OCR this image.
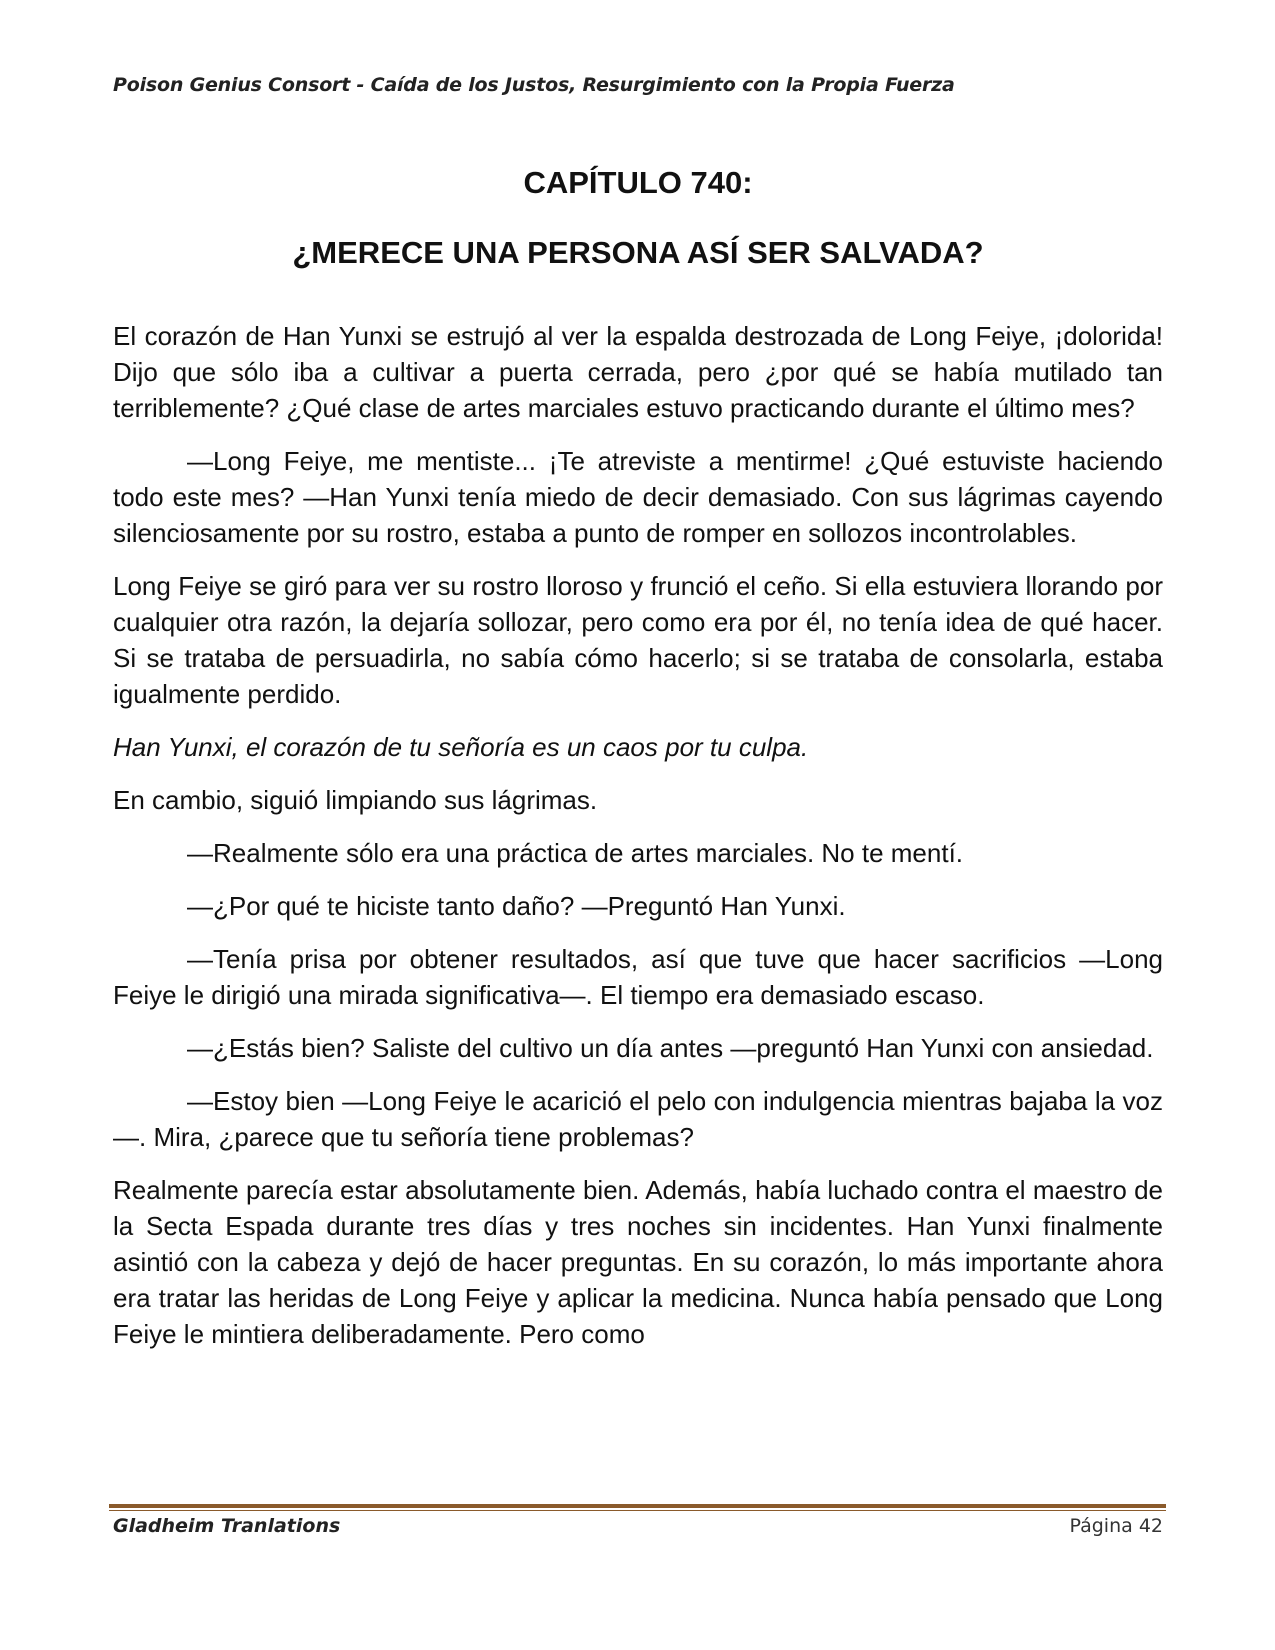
Poison Genius Consort - Caída de los Justos, Resurgimiento con la Propia Fuerza
CAPÍTULO 740:
¿MERECE UNA PERSONA ASÍ SER SALVADA?

El corazón de Han Yunxi se estrujó al ver la espalda destrozada de Long Feiye, ¡dolorida! Dijo que sólo iba a cultivar a puerta cerrada, pero ¿por qué se había mutilado tan terriblemente? ¿Qué clase de artes marciales estuvo practicando durante el último mes?

—Long Feiye, me mentiste... ¡Te atreviste a mentirme! ¿Qué estuviste haciendo todo este mes? —Han Yunxi tenía miedo de decir demasiado. Con sus lágrimas cayendo silenciosamente por su rostro, estaba a punto de romper en sollozos incontrolables.

Long Feiye se giró para ver su rostro lloroso y frunció el ceño. Si ella estuviera llorando por cualquier otra razón, la dejaría sollozar, pero como era por él, no tenía idea de qué hacer. Si se trataba de persuadirla, no sabía cómo hacerlo; si se trataba de consolarla, estaba igualmente perdido.

Han Yunxi, el corazón de tu señoría es un caos por tu culpa.

En cambio, siguió limpiando sus lágrimas.

—Realmente sólo era una práctica de artes marciales. No te mentí.

—¿Por qué te hiciste tanto daño? —Preguntó Han Yunxi.

—Tenía prisa por obtener resultados, así que tuve que hacer sacrificios —Long Feiye le dirigió una mirada significativa—. El tiempo era demasiado escaso.

—¿Estás bien? Saliste del cultivo un día antes —preguntó Han Yunxi con ansiedad.

—Estoy bien —Long Feiye le acarició el pelo con indulgencia mientras bajaba la voz—. Mira, ¿parece que tu señoría tiene problemas?

Realmente parecía estar absolutamente bien. Además, había luchado contra el maestro de la Secta Espada durante tres días y tres noches sin incidentes. Han Yunxi finalmente asintió con la cabeza y dejó de hacer preguntas. En su corazón, lo más importante ahora era tratar las heridas de Long Feiye y aplicar la medicina. Nunca había pensado que Long Feiye le mintiera deliberadamente. Pero como

Gladheim Tranlations	Página 42
